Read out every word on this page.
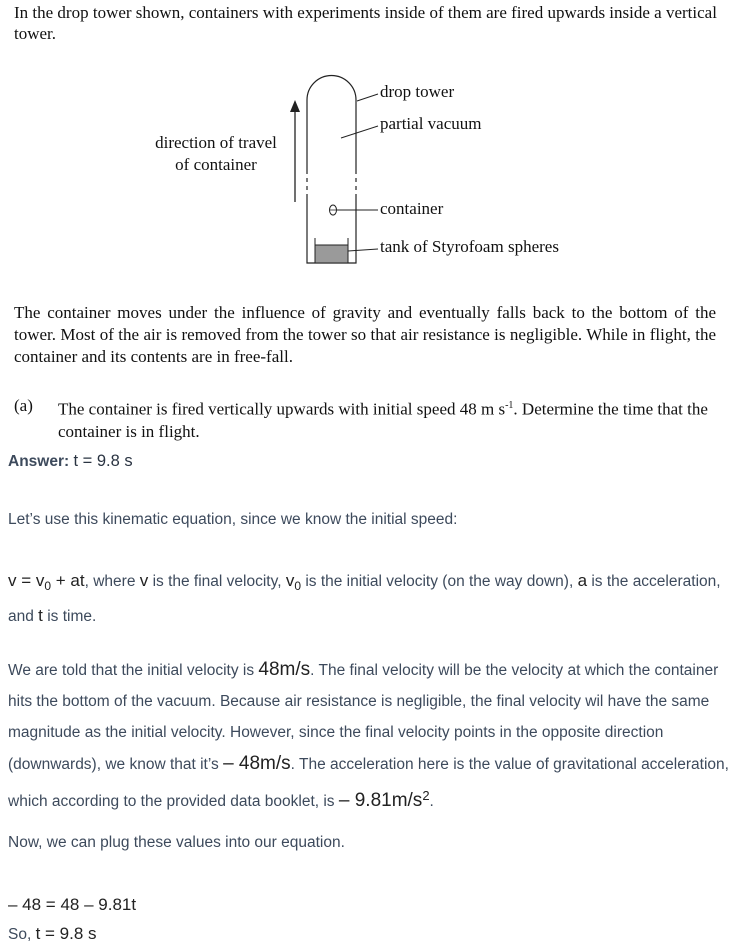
In the drop tower shown, containers with experiments inside of them are fired upwards inside a vertical tower.
direction of travel
of container
drop tower
partial vacuum
container
tank of Styrofoam spheres
The container moves under the influence of gravity and eventually falls back to the bottom of the tower. Most of the air is removed from the tower so that air resistance is negligible. While in flight, the container and its contents are in free-fall.
(a) The container is fired vertically upwards with initial speed 48 m $s^{-1}$. Determine the time that the container is in flight.
Answer: t = 9.8 s
Let’s use this kinematic equation, since we know the initial speed:
$v = v_0$ + at, where v is the final velocity, $v_0$ is the initial velocity (on the way down), a is the acceleration, and t is time.
We are told that the initial velocity is 48m/s. The final velocity will be the velocity at which the container hits the bottom of the vacuum. Because air resistance is negligible, the final velocity wil have the same magnitude as the initial velocity. However, since the final velocity points in the opposite direction (downwards), we know that it’s – 48m/s. The acceleration here is the value of gravitational acceleration, which according to the provided data booklet, is – $9.81m/s^2$.
Now, we can plug these values into our equation.
– 48 = 48 – 9.81t
So, t = 9.8 s
